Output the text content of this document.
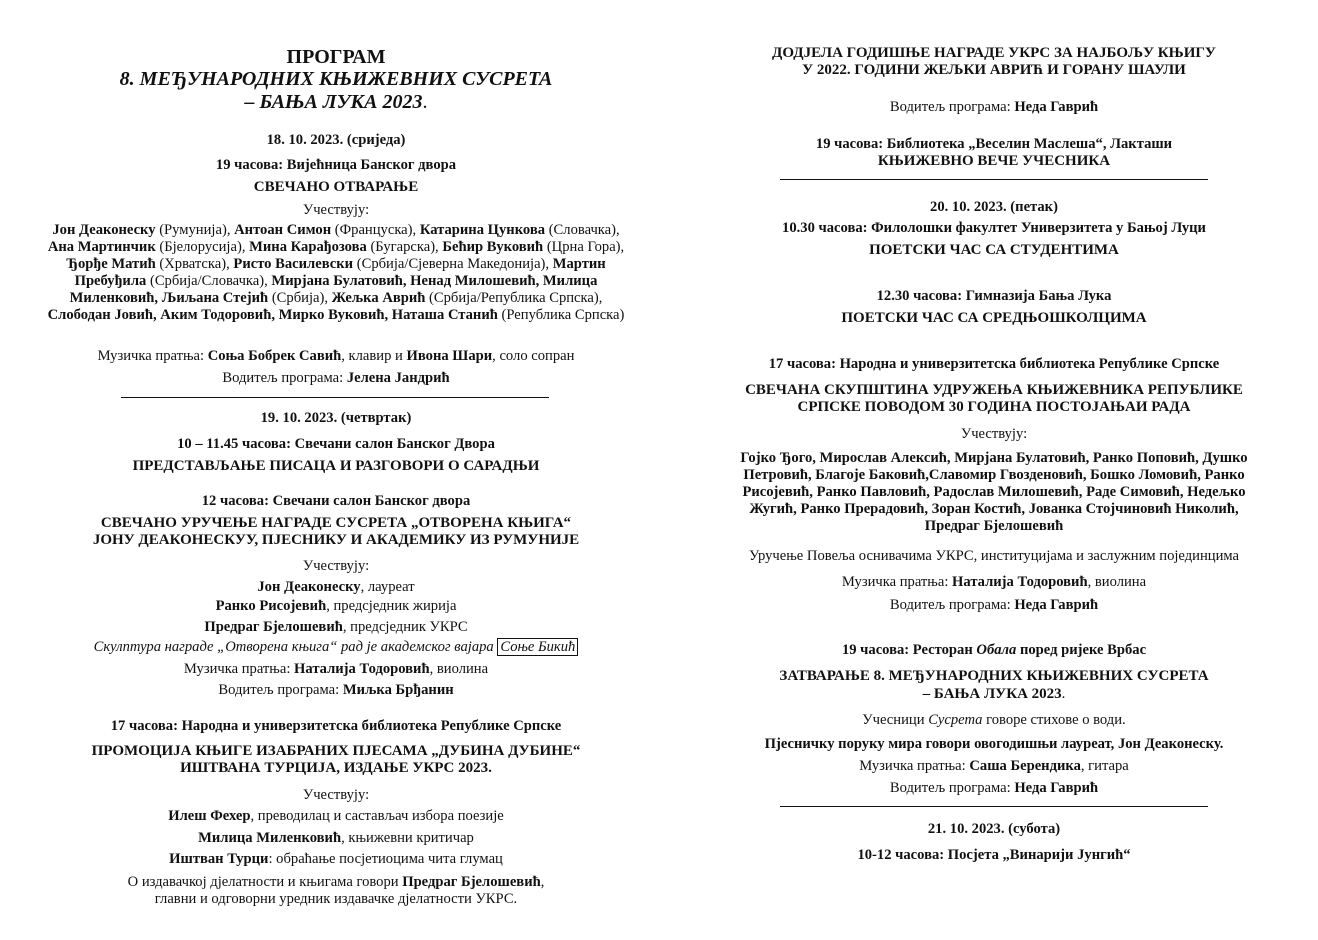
ПРОГРАМ
8. МЕЂУНАРОДНИХ КЊИЖЕВНИХ СУСРЕТА
– БАЊА ЛУКА 2023.
18. 10. 2023. (сриједа)
19 часова: Вијећница Банског двора
СВЕЧАНО ОТВАРАЊЕ
Учествују:
Јон Деаконеску (Румунија), Антоан Симон (Француска), Катарина Цункова (Словачка), Ана Мартинчик (Бјелорусија), Мина Карађозова (Бугарска), Бећир Вуковић (Црна Гора), Ђорђе Матић (Хрватска), Ристо Василевски (Србија/Сјеверна Македонија), Мартин Пребуђила (Србија/Словачка), Мирјана Булатовић, Ненад Милошевић, Милица Миленковић, Љиљана Стејић (Србија), Жељка Аврић (Србија/Република Српска), Слободан Јовић, Аким Тодоровић, Мирко Вуковић, Наташа Станић (Република Српска)
Музичка пратња: Соња Бобрек Савић, клавир и Ивона Шари, соло сопран
Водитељ програма: Јелена Јандрић
19. 10. 2023. (четвртак)
10 – 11.45 часова: Свечани салон Банског Двора
ПРЕДСТАВЉАЊЕ ПИСАЦА И РАЗГОВОРИ О САРАДЊИ
12 часова: Свечани салон Банског двора
СВЕЧАНО УРУЧЕЊЕ НАГРАДЕ СУСРЕТА „ОТВОРЕНА КЊИГА“
ЈОНУ ДЕАКОНЕСКУУ, ПЈЕСНИКУ И АКАДЕМИКУ ИЗ РУМУНИЈЕ
Учествују:
Јон Деаконеску, лауреат
Ранко Рисојевић, предсједник жирија
Предраг Бјелошевић, предсједник УКРС
Скулптура награде „Отворена књига“ рад је академског вајара Соње Бикић
Музичка пратња: Наталија Тодоровић, виолина
Водитељ програма: Миљка Брђанин
17 часова: Народна и универзитетска библиотека Републике Српске
ПРОМОЦИЈА КЊИГЕ ИЗАБРАНИХ ПЈЕСАМА „ДУБИНА ДУБИНЕ“
ИШТВАНА ТУРЦИЈА, ИЗДАЊЕ УКРС 2023.
Учествују:
Илеш Фехер, преводилац и састављач избора поезије
Милица Миленковић, књижевни критичар
Иштван Турци: обраћање посјетиоцима чита глумац
О издавачкој дјелатности и књигама говори Предраг Бјелошевић, главни и одговорни уредник издавачке дјелатности УКРС.
ДОДЈЕЛА ГОДИШЊЕ НАГРАДЕ УКРС ЗА НАЈБОЉУ КЊИГУ
У 2022. ГОДИНИ ЖЕЉКИ АВРИЋ И ГОРАНУ ШАУЛИ
Водитељ програма: Неда Гаврић
19 часова: Библиотека „Веселин Маслеша“, Лакташи
КЊИЖЕВНО ВЕЧЕ УЧЕСНИКА
20. 10. 2023. (петак)
10.30 часова: Филолошки факултет Универзитета у Бањој Луци
ПОЕТСКИ ЧАС СА СТУДЕНТИМА
12.30 часова: Гимназија Бања Лука
ПОЕТСКИ ЧАС СА СРЕДЊОШКОЛЦИМА
17 часова: Народна и универзитетска библиотека Републике Српске
СВЕЧАНА СКУПШТИНА УДРУЖЕЊА КЊИЖЕВНИКА РЕПУБЛИКЕ
СРПСКЕ ПОВОДОМ 30 ГОДИНА ПОСТОЈАЊАИ РАДА
Учествују:
Гојко Ђого, Мирослав Алексић, Мирјана Булатовић, Ранко Поповић, Душко Петровић, Благоје Баковић,Славомир Гвозденовић, Бошко Ломовић, Ранко Рисојевић, Ранко Павловић, Радослав Милошевић, Раде Симовић, Недељко Жугић, Ранко Прерадовић, Зоран Костић, Јованка Стојчиновић Николић, Предраг Бјелошевић
Уручење Повеља оснивачима УКРС, институцијама и заслужним појединцима
Музичка пратња: Наталија Тодоровић, виолина
Водитељ програма: Неда Гаврић
19 часова: Ресторан Обала поред ријеке Врбас
ЗАТВАРАЊЕ 8. МЕЂУНАРОДНИХ КЊИЖЕВНИХ СУСРЕТА
– БАЊА ЛУКА 2023.
Учесници Сусрета говоре стихове о води.
Пјесничку поруку мира говори овогодишњи лауреат, Јон Деаконеску.
Музичка пратња: Саша Берендика, гитара
Водитељ програма: Неда Гаврић
21. 10. 2023. (субота)
10-12 часова: Посјета „Винарији Јунгић“
